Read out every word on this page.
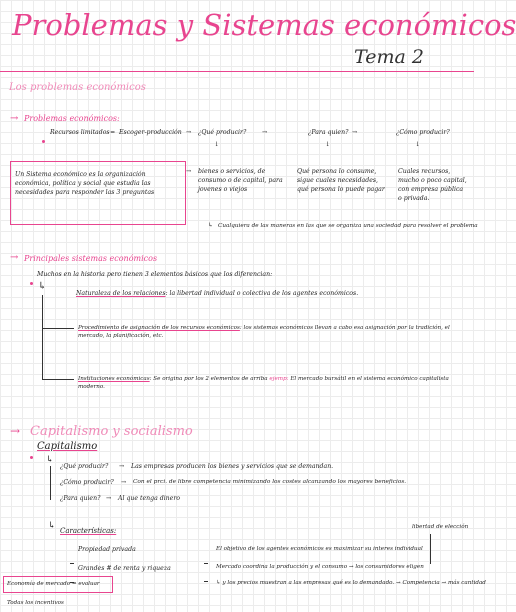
Problemas y Sistemas económicos
Tema 2
Los problemas económicos
→ Problemas económicos:
Recursos limitados = Escoger-producción → ¿Qué producir?	→	¿Para quien? →	¿Cómo producir?
↓	↓	↓
Un Sistema económico es la organización económica, política y social que estudia las necesidades para responder las 3 preguntas
→ bienes o servicios, de consumo o de capital, para jovenes o viejos
Qué persona lo consume, sigue cuales necesidades, qué persona lo puede pagar
Cuales recursos, mucho o poco capital, con empresa pública o privada.
↳ Cualquiera de las maneras en las que se organiza una sociedad para resolver el problema
→ Principales sistemas económicos
Muchos en la historia pero tienen 3 elementos básicos que los diferencian:
↳
Naturaleza de los relaciones: la libertad individual o colectiva de los agentes económicos.
Procedimiento de asignación de los recursos económicos: los sistemas económicos llevan a cabo esa asignación por la tradición, el mercado, la planificación, etc.
Instituciones económicas: Se origina por los 2 elementos de arriba ejemp: El mercado bursátil en el sistema económico capitalista moderno.
→ Capitalismo y socialismo
Capitalismo
↳
¿Qué producir? → Las empresas producen los bienes y servicios que se demandan.
¿Cómo producir? → Con el prci. de libre competencia minimizando los costes alcanzando los mayores beneficios.
¿Para quien? → Al que tenga dinero
Características:
↳
Propiedad privada
Grandes # de renta y riqueza
libertad de elección
El objetivo de los agentes económicos es maximizar su interes individual
Mercado coordina la producción y el consumo → los consumidores eligen
↳ y los precios muestran a las empresas qué es lo demandado. → Competencia → más cantidad
Economía de mercado = evaluar
Todas los incentivos
